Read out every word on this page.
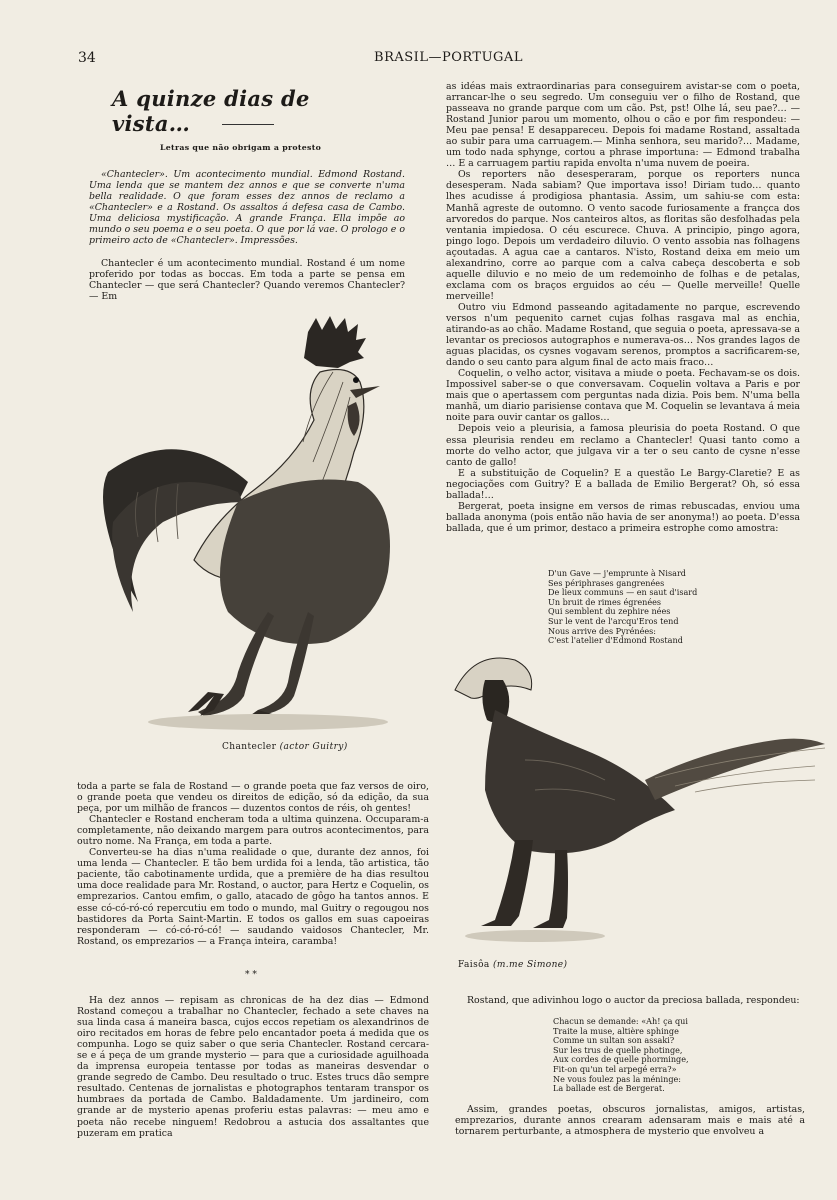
34	BRASIL—PORTUGAL
A quinze dias de vista…
Letras que não obrigam a protesto

«Chantecler». Um acontecimento mundial. Edmond Rostand. Uma lenda que se mantem dez annos e que se converte n'uma bella realidade. O que foram esses dez annos de reclamo a «Chantecler» e a Rostand. Os assaltos á defesa casa de Cambo. Uma deliciosa mystificação. A grande França. Ella impõe ao mundo o seu poema e o seu poeta. O que por lá vae. O prologo e o primeiro acto de «Chantecler». Impressões.

Chantecler é um acontecimento mundial. Rostand é um nome proferido por todas as boccas. Em toda a parte se pensa em Chantecler — que será Chantecler? Quando veremos Chantecler? — Em

Chantecler (actor Guitry)

as idéas mais extraordinarias para conseguirem avistar-se com o poeta, arrancar-lhe o seu segredo. Um conseguiu ver o filho de Rostand, que passeava no grande parque com um cão. Pst, pst! Olhe lá, seu pae?… — Rostand Junior parou um momento, olhou o cão e por fim respondeu: — Meu pae pensa! E desappareceu. Depois foi madame Rostand, assaltada ao subir para uma carruagem.— Minha senhora, seu marido?… Madame, um todo nada sphynge, cortou a phrase importuna: — Edmond trabalha … E a carruagem partiu rapida envolta n'uma nuvem de poeira.

Os reporters não desesperaram, porque os reporters nunca desesperam. Nada sabiam? Que importava isso! Diriam tudo… quanto lhes acudisse á prodigiosa phantasia. Assim, um sahiu-se com esta: Manhã agreste de outomno. O vento sacode furiosamente a françca dos arvoredos do parque. Nos canteiros altos, as floritas são desfolhadas pela ventania impiedosa. O céu escurece. Chuva. A principio, pingo agora, pingo logo. Depois um verdadeiro diluvio. O vento assobia nas folhagens açoutadas. A agua cae a cantaros. N'isto, Rostand deixa em meio um alexandrino, corre ao parque com a calva cabeça descoberta e sob aquelle diluvio e no meio de um redemoinho de folhas e de petalas, exclama com os braços erguidos ao céu — Quelle merveille! Quelle merveille!

Outro viu Edmond passeando agitadamente no parque, escrevendo versos n'um pequenito carnet cujas folhas rasgava mal as enchia, atirando-as ao chão. Madame Rostand, que seguia o poeta, apressava-se a levantar os preciosos autographos e numerava-os… Nos grandes lagos de aguas placidas, os cysnes vogavam serenos, promptos a sacrificarem-se, dando o seu canto para algum final de acto mais fraco…

Coquelin, o velho actor, visitava a miude o poeta. Fechavam-se os dois. Impossivel saber-se o que conversavam. Coquelin voltava a Paris e por mais que o apertassem com perguntas nada dizia. Pois bem. N'uma bella manhã, um diario parisiense contava que M. Coquelin se levantava á meia noite para ouvir cantar os gallos…

Depois veio a pleurisia, a famosa pleurisia do poeta Rostand. O que essa pleurisia rendeu em reclamo a Chantecler! Quasi tanto como a morte do velho actor, que julgava vir a ter o seu canto de cysne n'esse canto de gallo!

E a substituição de Coquelin? E a questão Le Bargy-Claretie? E as negociações com Guitry? E a ballada de Emilio Bergerat? Oh, só essa ballada!…

Bergerat, poeta insigne em versos de rimas rebuscadas, enviou uma ballada anonyma (pois então não havia de ser anonyma!) ao poeta. D'essa ballada, que é um primor, destaco a primeira estrophe como amostra:

D'un Gave — j'emprunte à Nisard
Ses périphrases gangrenées
De lieux communs — en saut d'isard
Un bruit de rimes égrenées
Qui semblent du zephire nées
Sur le vent de l'arcqu'Eros tend
Nous arrive des Pyrénées:
C'est l'atelier d'Edmond Rostand
Faisôa (m.me Simone)

toda a parte se fala de Rostand — o grande poeta que faz versos de oiro, o grande poeta que vendeu os direitos de edição, só da edição, da sua peça, por um milhão de francos — duzentos contos de réis, oh gentes!

Chantecler e Rostand encheram toda a ultima quinzena. Occuparam-a completamente, não deixando margem para outros acontecimentos, para outro nome. Na França, em toda a parte.

Converteu-se ha dias n'uma realidade o que, durante dez annos, foi uma lenda — Chantecler. E tão bem urdida foi a lenda, tão artistica, tão paciente, tão cabotinamente urdida, que a première de ha dias resultou uma doce realidade para Mr. Rostand, o auctor, para Hertz e Coquelin, os emprezarios. Cantou emfim, o gallo, atacado de gôgo ha tantos annos. E esse có-có-ró-có repercutiu em todo o mundo, mal Guitry o regougou nos bastidores da Porta Saint-Martin. E todos os gallos em suas capoeiras responderam — có-có-ró-có! — saudando vaidosos Chantecler, Mr. Rostand, os emprezarios — a França inteira, caramba!

* *

Ha dez annos — repisam as chronicas de ha dez dias — Edmond Rostand começou a trabalhar no Chantecler, fechado a sete chaves na sua linda casa á maneira basca, cujos eccos repetiam os alexandrinos de oiro recitados em horas de febre pelo encantador poeta á medida que os compunha. Logo se quiz saber o que seria Chantecler. Rostand cercara-se e á peça de um grande mysterio — para que a curiosidade aguilhoada da imprensa europeia tentasse por todas as maneiras desvendar o grande segredo de Cambo. Deu resultado o truc. Estes trucs dão sempre resultado. Centenas de jornalistas e photographos tentaram transpor os humbraes da portada de Cambo. Baldadamente. Um jardineiro, com grande ar de mysterio apenas proferiu estas palavras: — meu amo e poeta não recebe ninguem! Redobrou a astucia dos assaltantes que puzeram em pratica

Rostand, que adivinhou logo o auctor da preciosa ballada, respondeu:

Chacun se demande: «Ah! ça qui
Traite la muse, altière sphinge
Comme un sultan son assaki?
Sur les trus de quelle photinge,
Aux cordes de quelle phorminge,
Fit-on qu'un tel arpegé erra?»
Ne vous foulez pas la méninge:
La ballade est de Bergerat.

Assim, grandes poetas, obscuros jornalistas, amigos, artistas, emprezarios, durante annos crearam adensaram mais e mais até a tornarem perturbante, a atmosphera de mysterio que envolveu a
